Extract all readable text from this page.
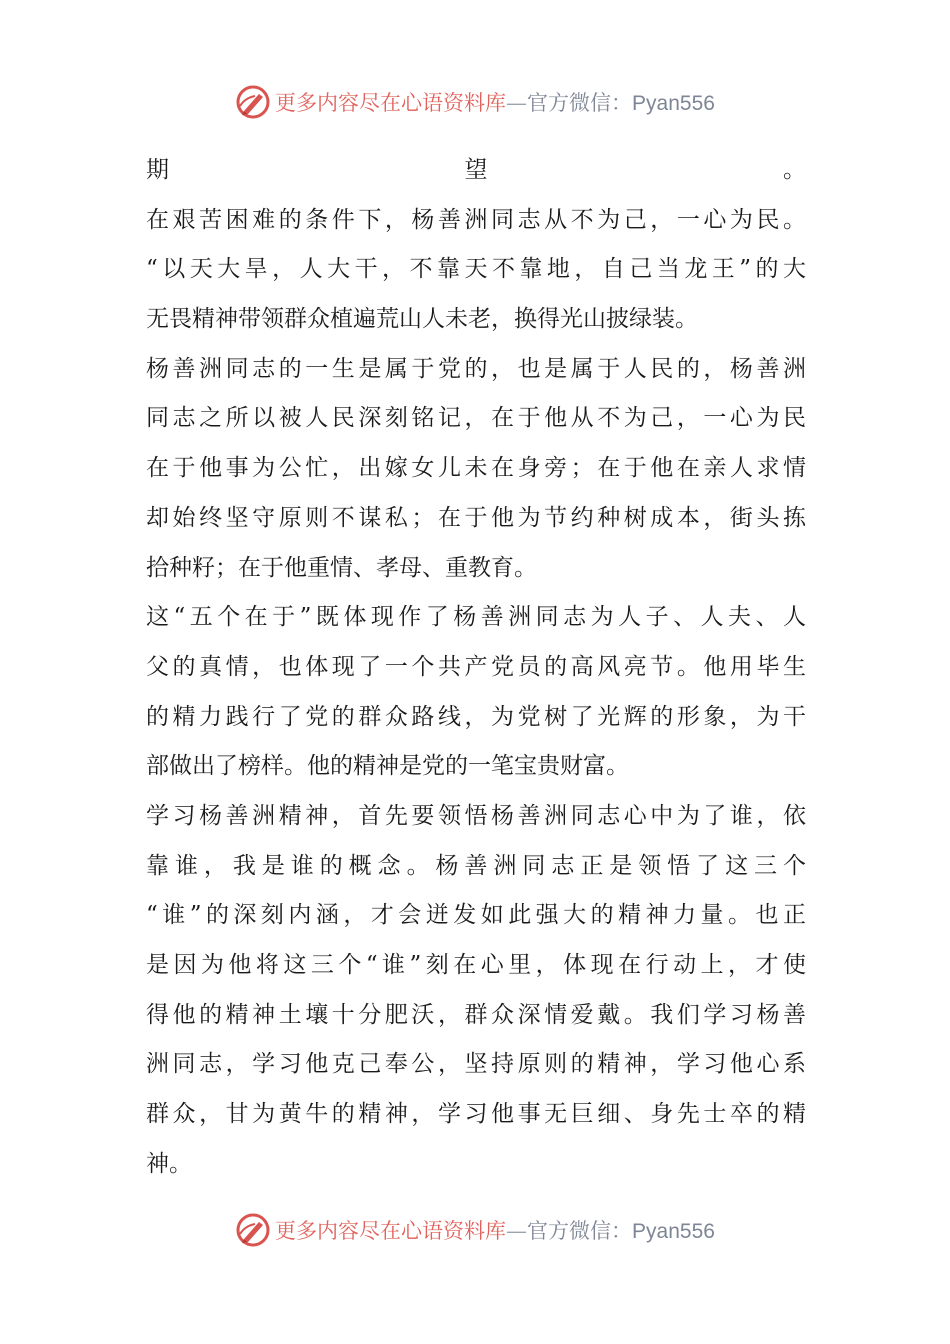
更多内容尽在心语资料库 — 官方微信： Pyan556
期望。
在艰苦困难的条件下，杨善洲同志从不为己，一心为民。
“以天大旱，人大干，不靠天不靠地，自己当龙王”的大
无畏精神带领群众植遍荒山人未老，换得光山披绿装。
杨善洲同志的一生是属于党的，也是属于人民的，杨善洲
同志之所以被人民深刻铭记，在于他从不为己，一心为民
在于他事为公忙，出嫁女儿未在身旁；在于他在亲人求情
却始终坚守原则不谋私；在于他为节约种树成本，街头拣
拾种籽；在于他重情、孝母、重教育。
这“五个在于”既体现作了杨善洲同志为人子、人夫、人
父的真情，也体现了一个共产党员的高风亮节。他用毕生
的精力践行了党的群众路线，为党树了光辉的形象，为干
部做出了榜样。他的精神是党的一笔宝贵财富。
学习杨善洲精神，首先要领悟杨善洲同志心中为了谁，依
靠谁，我是谁的概念。杨善洲同志正是领悟了这三个
“谁”的深刻内涵，才会迸发如此强大的精神力量。也正
是因为他将这三个“谁”刻在心里，体现在行动上，才使
得他的精神土壤十分肥沃，群众深情爱戴。我们学习杨善
洲同志，学习他克己奉公，坚持原则的精神，学习他心系
群众，甘为黄牛的精神，学习他事无巨细、身先士卒的精
神。
更多内容尽在心语资料库 — 官方微信： Pyan556
